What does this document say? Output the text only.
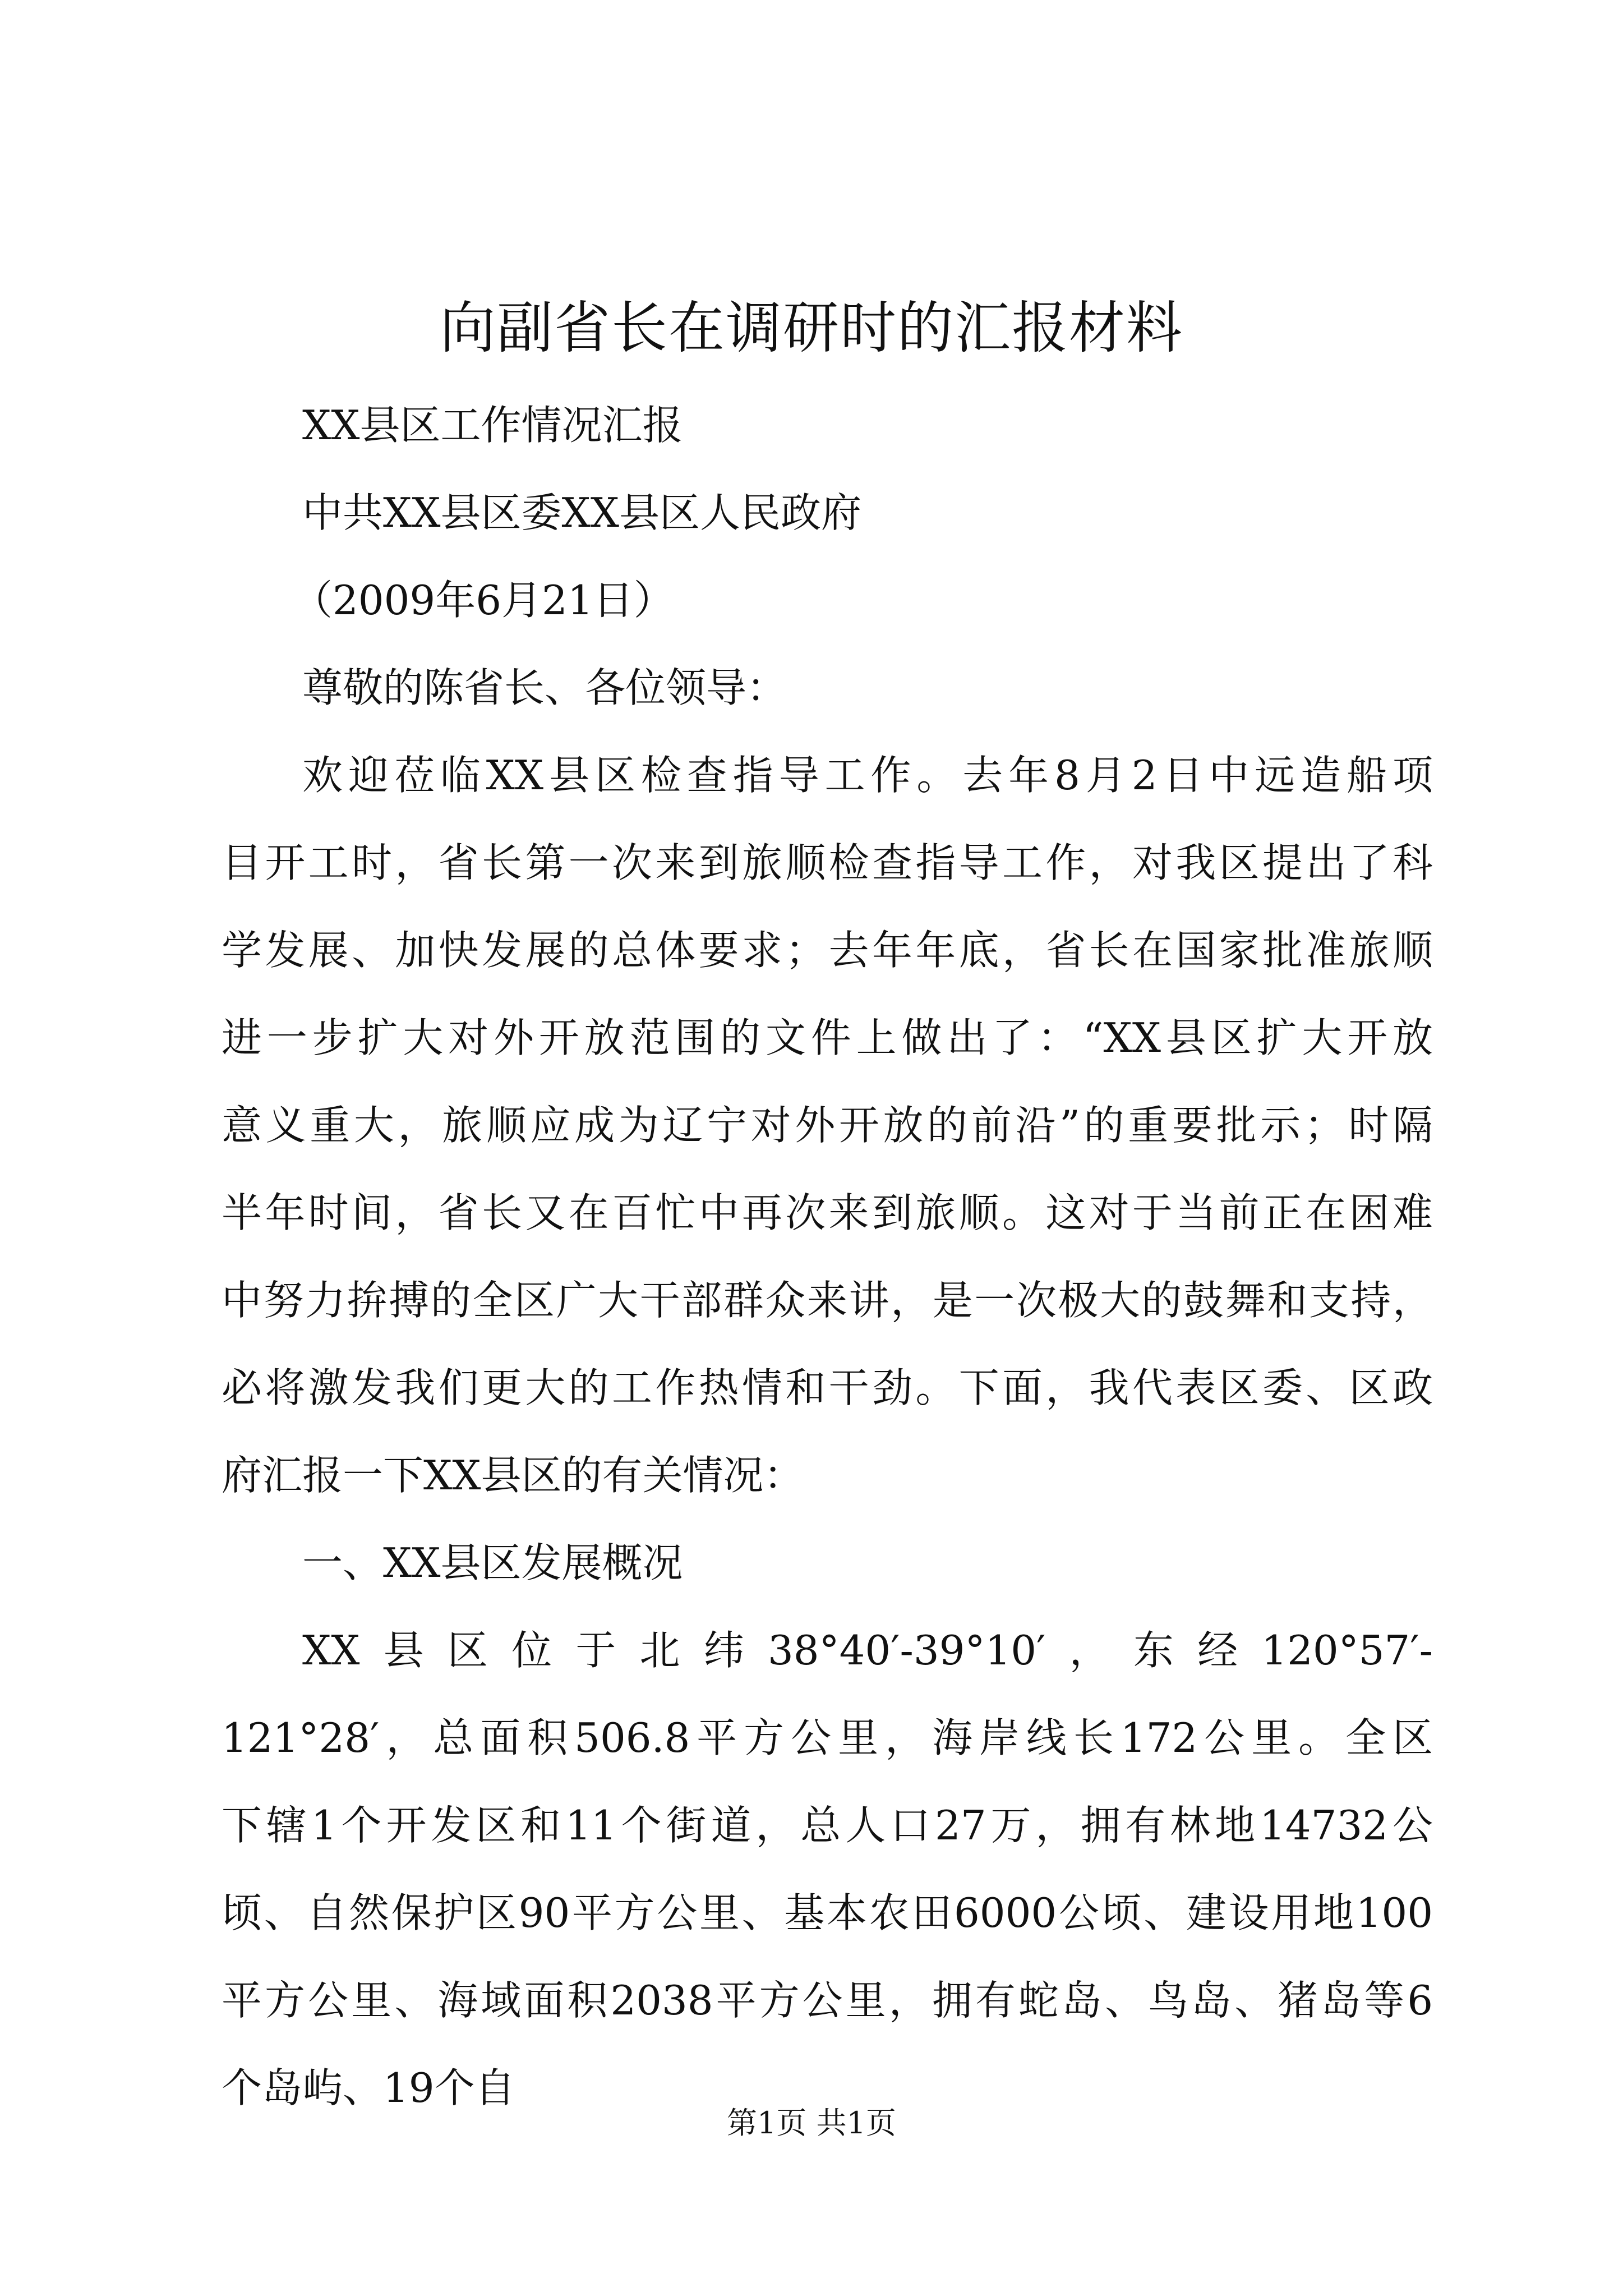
向副省长在调研时的汇报材料
XX县区工作情况汇报
中共XX县区委XX县区人民政府
（2009年6月21日）
尊敬的陈省长、各位领导：
欢迎莅临XX县区检查指导工作。去年8月2日中远造船项
目开工时，省长第一次来到旅顺检查指导工作，对我区提出了科
学发展、加快发展的总体要求；去年年底，省长在国家批准旅顺
进一步扩大对外开放范围的文件上做出了：“XX县区扩大开放
意义重大，旅顺应成为辽宁对外开放的前沿”的重要批示；时隔
半年时间，省长又在百忙中再次来到旅顺。这对于当前正在困难
中努力拚搏的全区广大干部群众来讲，是一次极大的鼓舞和支持，
必将激发我们更大的工作热情和干劲。下面，我代表区委、区政
府汇报一下XX县区的有关情况：
一、XX县区发展概况
XX县区位于北纬38°40′-39°10′，东经120°57′-
121°28′，总面积506.8平方公里，海岸线长172公里。全区
下辖1个开发区和11个街道，总人口27万，拥有林地14732公
顷、自然保护区90平方公里、基本农田6000公顷、建设用地100
平方公里、海域面积2038平方公里，拥有蛇岛、鸟岛、猪岛等6
个岛屿、19个自
第1页 共1页
